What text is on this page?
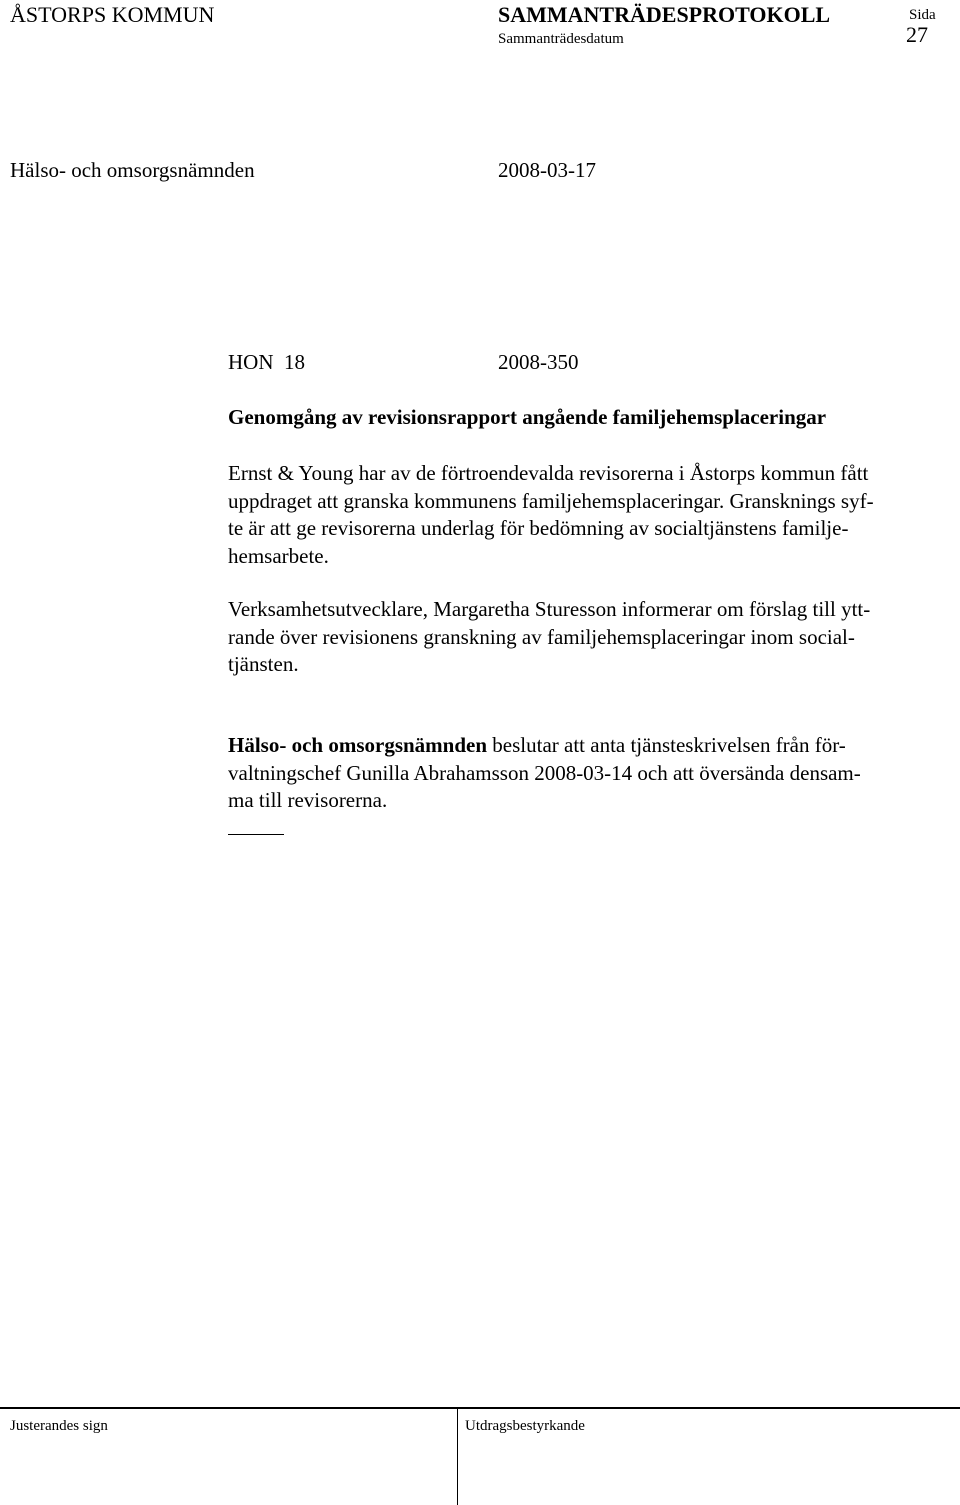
ÅSTORPS KOMMUN	SAMMANTRÄDESPROTOKOLL	Sida
Sammanträdesdatum	27
Hälso- och omsorgsnämnden	2008-03-17
HON  18	2008-350
Genomgång av revisionsrapport angående familjehemsplaceringar
Ernst & Young har av de förtroendevalda revisorerna i Åstorps kommun fått
uppdraget att granska kommunens familjehemsplaceringar. Gransknings syf-
te är att ge revisorerna underlag för bedömning av socialtjänstens familje-
hemsarbete.
Verksamhetsutvecklare, Margaretha Sturesson informerar om förslag till ytt-
rande över revisionens granskning av familjehemsplaceringar inom social-
tjänsten.
Hälso- och omsorgsnämnden beslutar att anta tjänsteskrivelsen från för-
valtningschef Gunilla Abrahamsson 2008-03-14 och att översända densam-
ma till revisorerna.
Justerandes sign	Utdragsbestyrkande
